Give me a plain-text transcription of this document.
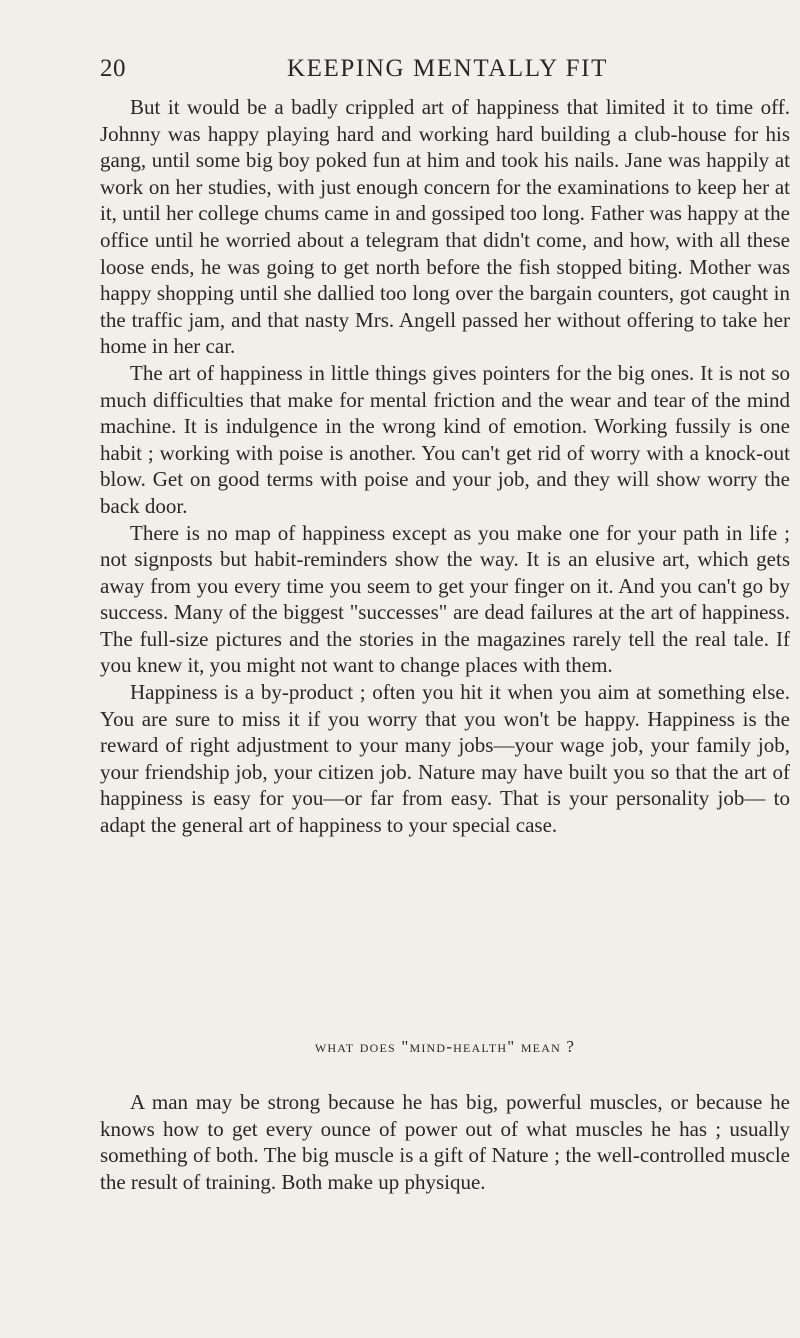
20	KEEPING MENTALLY FIT

But it would be a badly crippled art of happiness that limited it to time off. Johnny was happy playing hard and working hard building a club-house for his gang, until some big boy poked fun at him and took his nails. Jane was happily at work on her studies, with just enough concern for the examinations to keep her at it, until her college chums came in and gossiped too long. Father was happy at the office until he worried about a telegram that didn't come, and how, with all these loose ends, he was going to get north before the fish stopped biting. Mother was happy shopping until she dallied too long over the bargain counters, got caught in the traffic jam, and that nasty Mrs. Angell passed her without offering to take her home in her car.

The art of happiness in little things gives pointers for the big ones. It is not so much difficulties that make for mental friction and the wear and tear of the mind machine. It is indulgence in the wrong kind of emotion. Working fussily is one habit ; working with poise is another. You can't get rid of worry with a knock-out blow. Get on good terms with poise and your job, and they will show worry the back door.

There is no map of happiness except as you make one for your path in life ; not signposts but habit-reminders show the way. It is an elusive art, which gets away from you every time you seem to get your finger on it. And you can't go by success. Many of the biggest "successes" are dead failures at the art of happiness. The full-size pictures and the stories in the magazines rarely tell the real tale. If you knew it, you might not want to change places with them.

Happiness is a by-product ; often you hit it when you aim at something else. You are sure to miss it if you worry that you won't be happy. Happiness is the reward of right adjustment to your many jobs—your wage job, your family job, your friendship job, your citizen job. Nature may have built you so that the art of happiness is easy for you—or far from easy. That is your personality job— to adapt the general art of happiness to your special case.

what does "mind-health" mean ?

A man may be strong because he has big, powerful muscles, or because he knows how to get every ounce of power out of what muscles he has ; usually something of both. The big muscle is a gift of Nature ; the well-controlled muscle the result of training. Both make up physique.
